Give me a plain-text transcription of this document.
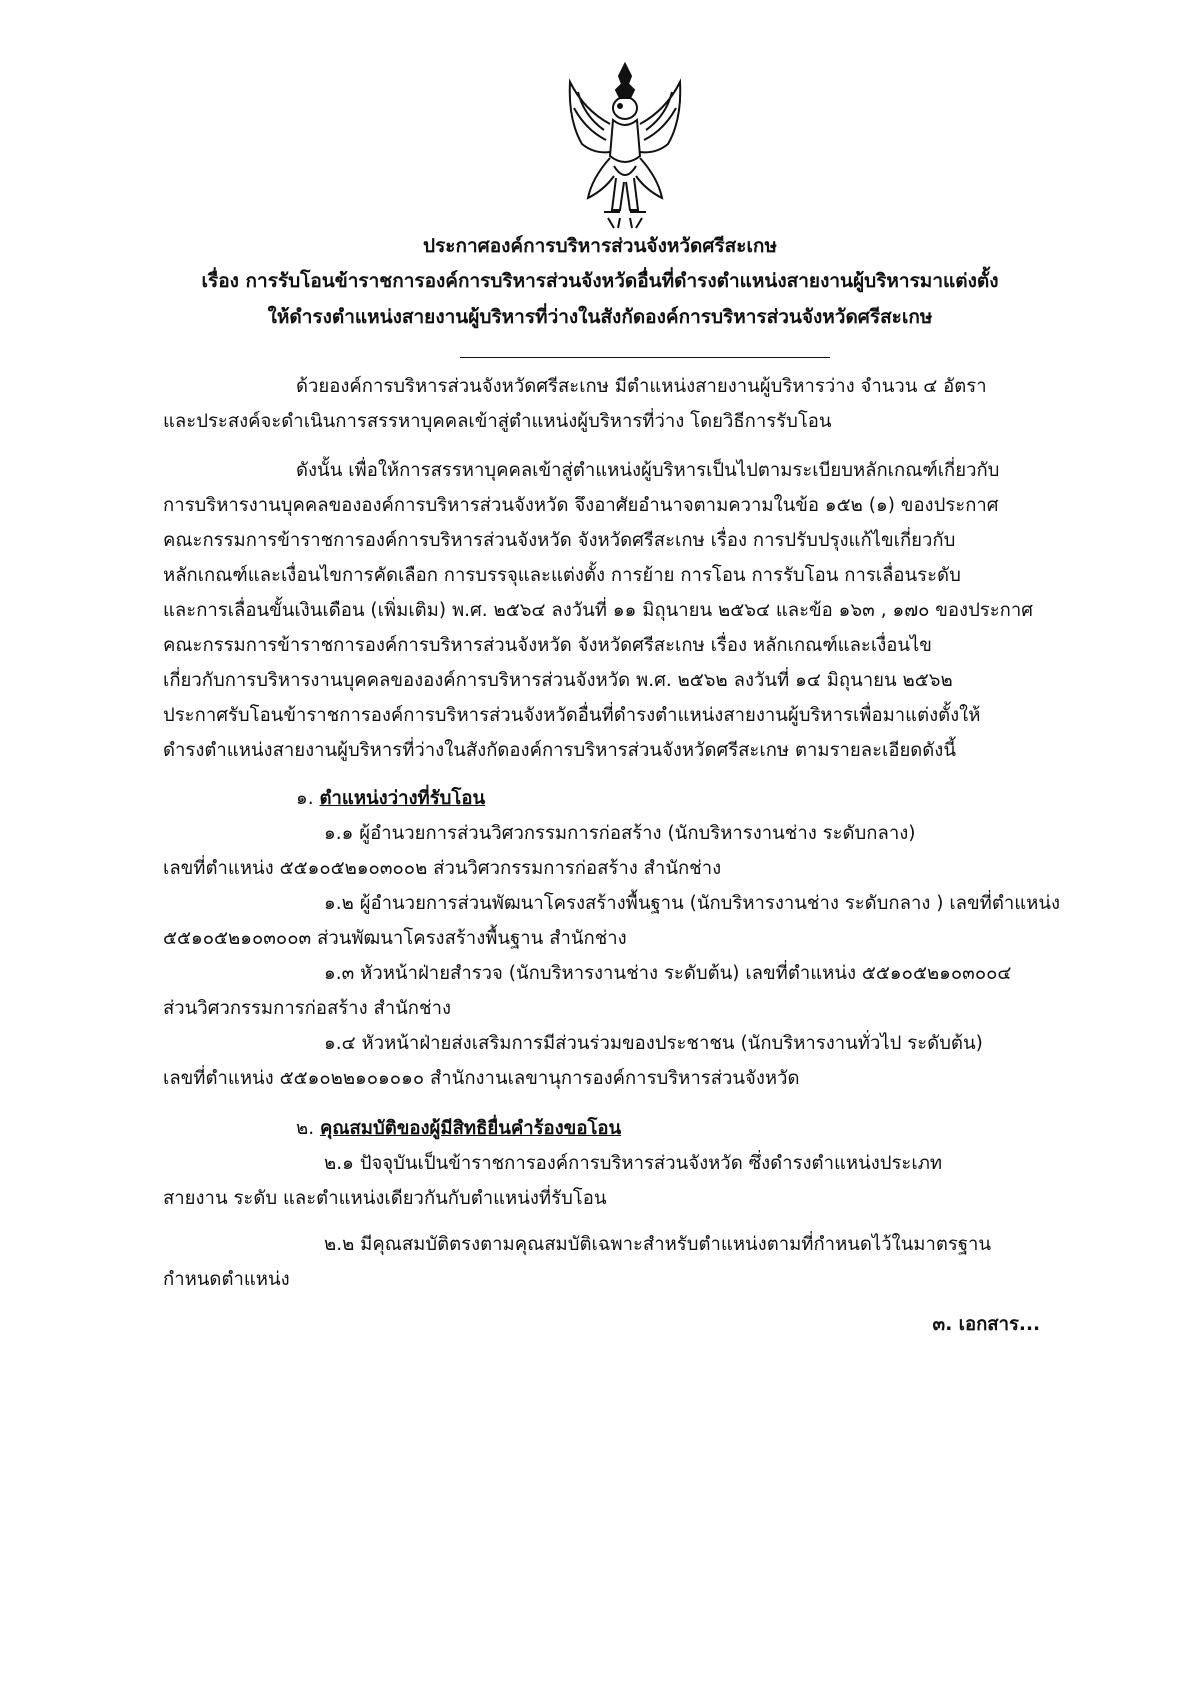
ประกาศองค์การบริหารส่วนจังหวัดศรีสะเกษ
เรื่อง การรับโอนข้าราชการองค์การบริหารส่วนจังหวัดอื่นที่ดำรงตำแหน่งสายงานผู้บริหารมาแต่งตั้ง
ให้ดำรงตำแหน่งสายงานผู้บริหารที่ว่างในสังกัดองค์การบริหารส่วนจังหวัดศรีสะเกษ
ด้วยองค์การบริหารส่วนจังหวัดศรีสะเกษ มีตำแหน่งสายงานผู้บริหารว่าง จำนวน ๔ อัตรา
และประสงค์จะดำเนินการสรรหาบุคคลเข้าสู่ตำแหน่งผู้บริหารที่ว่าง โดยวิธีการรับโอน
ดังนั้น เพื่อให้การสรรหาบุคคลเข้าสู่ตำแหน่งผู้บริหารเป็นไปตามระเบียบหลักเกณฑ์เกี่ยวกับ
การบริหารงานบุคคลขององค์การบริหารส่วนจังหวัด จึงอาศัยอำนาจตามความในข้อ ๑๕๒ (๑) ของประกาศ
คณะกรรมการข้าราชการองค์การบริหารส่วนจังหวัด จังหวัดศรีสะเกษ เรื่อง การปรับปรุงแก้ไขเกี่ยวกับ
หลักเกณฑ์และเงื่อนไขการคัดเลือก การบรรจุและแต่งตั้ง การย้าย การโอน การรับโอน การเลื่อนระดับ
และการเลื่อนขั้นเงินเดือน (เพิ่มเติม) พ.ศ. ๒๕๖๔ ลงวันที่ ๑๑ มิถุนายน ๒๕๖๔ และข้อ ๑๖๓ , ๑๗๐ ของประกาศ
คณะกรรมการข้าราชการองค์การบริหารส่วนจังหวัด จังหวัดศรีสะเกษ เรื่อง หลักเกณฑ์และเงื่อนไข
เกี่ยวกับการบริหารงานบุคคลขององค์การบริหารส่วนจังหวัด พ.ศ. ๒๕๖๒ ลงวันที่ ๑๔ มิถุนายน ๒๕๖๒
ประกาศรับโอนข้าราชการองค์การบริหารส่วนจังหวัดอื่นที่ดำรงตำแหน่งสายงานผู้บริหารเพื่อมาแต่งตั้งให้
ดำรงตำแหน่งสายงานผู้บริหารที่ว่างในสังกัดองค์การบริหารส่วนจังหวัดศรีสะเกษ ตามรายละเอียดดังนี้
๑. ตำแหน่งว่างที่รับโอน
๑.๑ ผู้อำนวยการส่วนวิศวกรรมการก่อสร้าง (นักบริหารงานช่าง ระดับกลาง)
เลขที่ตำแหน่ง ๕๕๑๐๕๒๑๐๓๐๐๒ ส่วนวิศวกรรมการก่อสร้าง สำนักช่าง
๑.๒ ผู้อำนวยการส่วนพัฒนาโครงสร้างพื้นฐาน (นักบริหารงานช่าง ระดับกลาง ) เลขที่ตำแหน่ง
๕๕๑๐๕๒๑๐๓๐๐๓ ส่วนพัฒนาโครงสร้างพื้นฐาน สำนักช่าง
๑.๓ หัวหน้าฝ่ายสำรวจ (นักบริหารงานช่าง ระดับต้น) เลขที่ตำแหน่ง ๕๕๑๐๕๒๑๐๓๐๐๔
ส่วนวิศวกรรมการก่อสร้าง สำนักช่าง
๑.๔ หัวหน้าฝ่ายส่งเสริมการมีส่วนร่วมของประชาชน (นักบริหารงานทั่วไป ระดับต้น)
เลขที่ตำแหน่ง ๕๕๑๐๒๒๑๐๑๐๑๐ สำนักงานเลขานุการองค์การบริหารส่วนจังหวัด
๒. คุณสมบัติของผู้มีสิทธิยื่นคำร้องขอโอน
๒.๑ ปัจจุบันเป็นข้าราชการองค์การบริหารส่วนจังหวัด ซึ่งดำรงตำแหน่งประเภท
สายงาน ระดับ และตำแหน่งเดียวกันกับตำแหน่งที่รับโอน
๒.๒ มีคุณสมบัติตรงตามคุณสมบัติเฉพาะสำหรับตำแหน่งตามที่กำหนดไว้ในมาตรฐาน
กำหนดตำแหน่ง
๓. เอกสาร...
